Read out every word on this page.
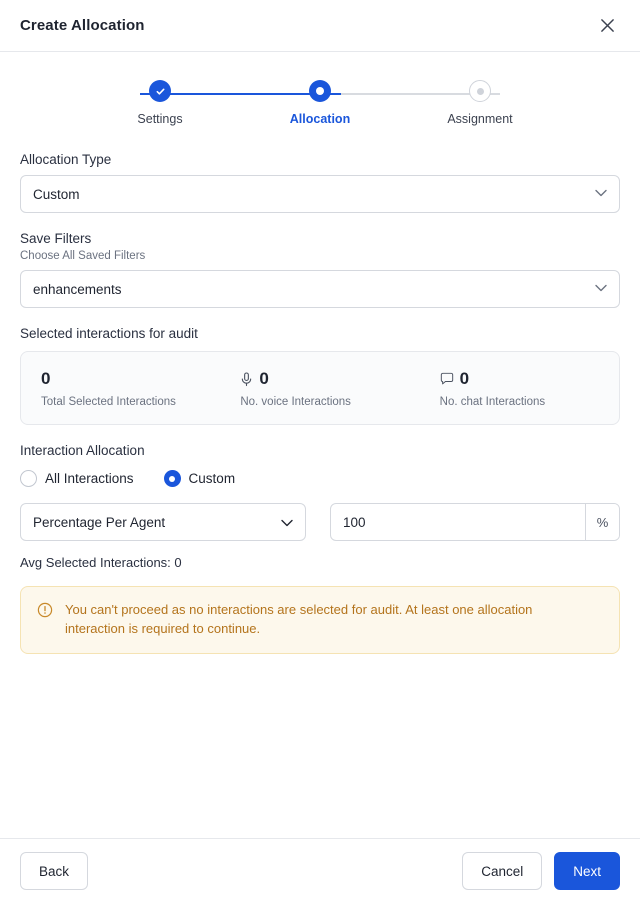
Create Allocation
Settings	Allocation	Assignment
Allocation Type
Custom
Save Filters
Choose All Saved Filters
enhancements
Selected interactions for audit
0
Total Selected Interactions
0
No. voice Interactions
0
No. chat Interactions
Interaction Allocation
All Interactions	Custom
Percentage Per Agent
100	%
Avg Selected Interactions: 0
You can't proceed as no interactions are selected for audit. At least one allocation interaction is required to continue.
Back	Cancel	Next
